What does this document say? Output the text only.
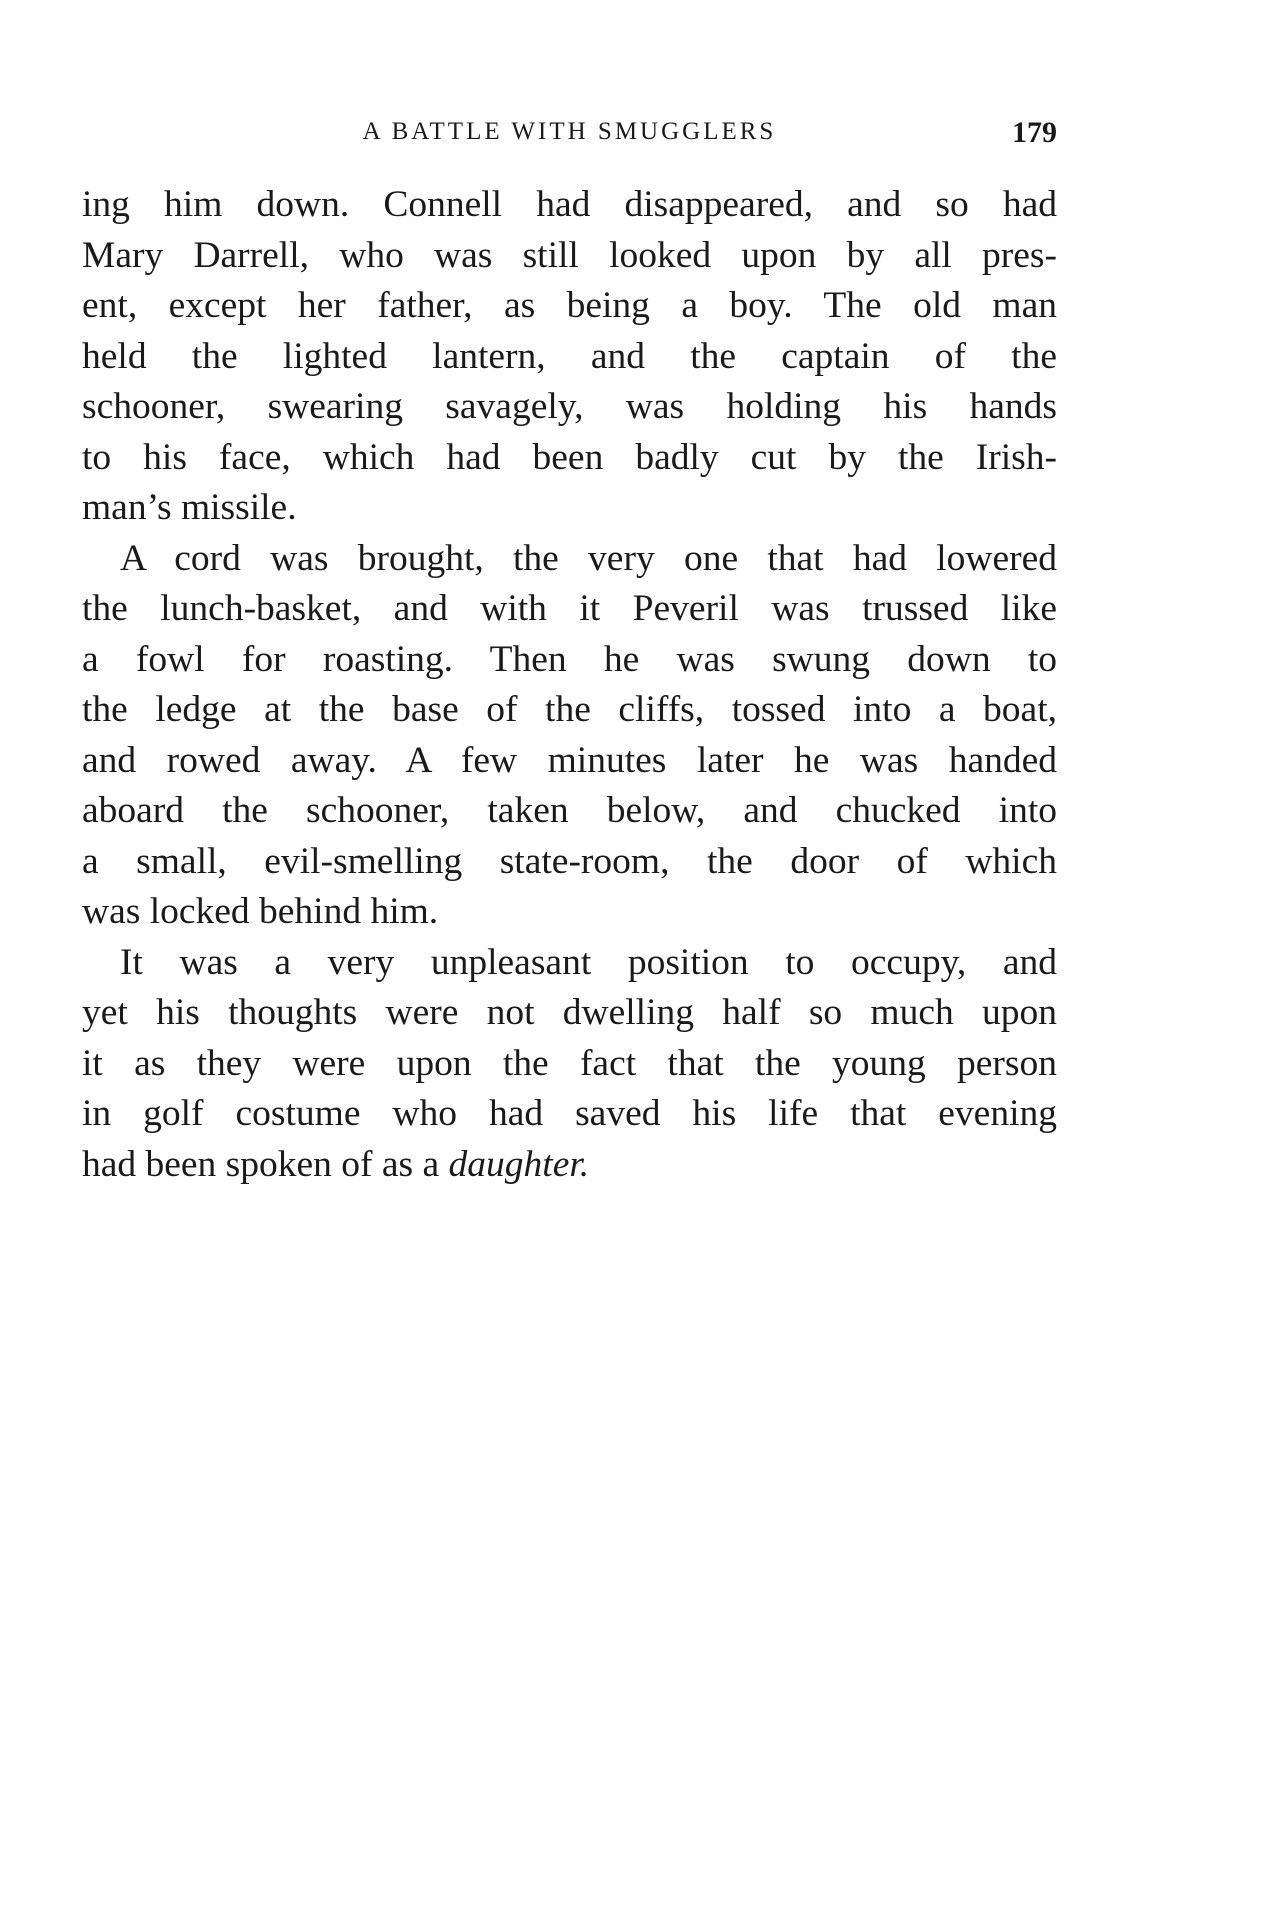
A BATTLE WITH SMUGGLERS	179

ing him down. Connell had disappeared, and so had
Mary Darrell, who was still looked upon by all pres-
ent, except her father, as being a boy. The old man
held the lighted lantern, and the captain of the
schooner, swearing savagely, was holding his hands
to his face, which had been badly cut by the Irish-
man’s missile.

A cord was brought, the very one that had lowered
the lunch-basket, and with it Peveril was trussed like
a fowl for roasting. Then he was swung down to
the ledge at the base of the cliffs, tossed into a boat,
and rowed away. A few minutes later he was handed
aboard the schooner, taken below, and chucked into
a small, evil-smelling state-room, the door of which
was locked behind him.

It was a very unpleasant position to occupy, and
yet his thoughts were not dwelling half so much upon
it as they were upon the fact that the young person
in golf costume who had saved his life that evening
had been spoken of as a daughter.
